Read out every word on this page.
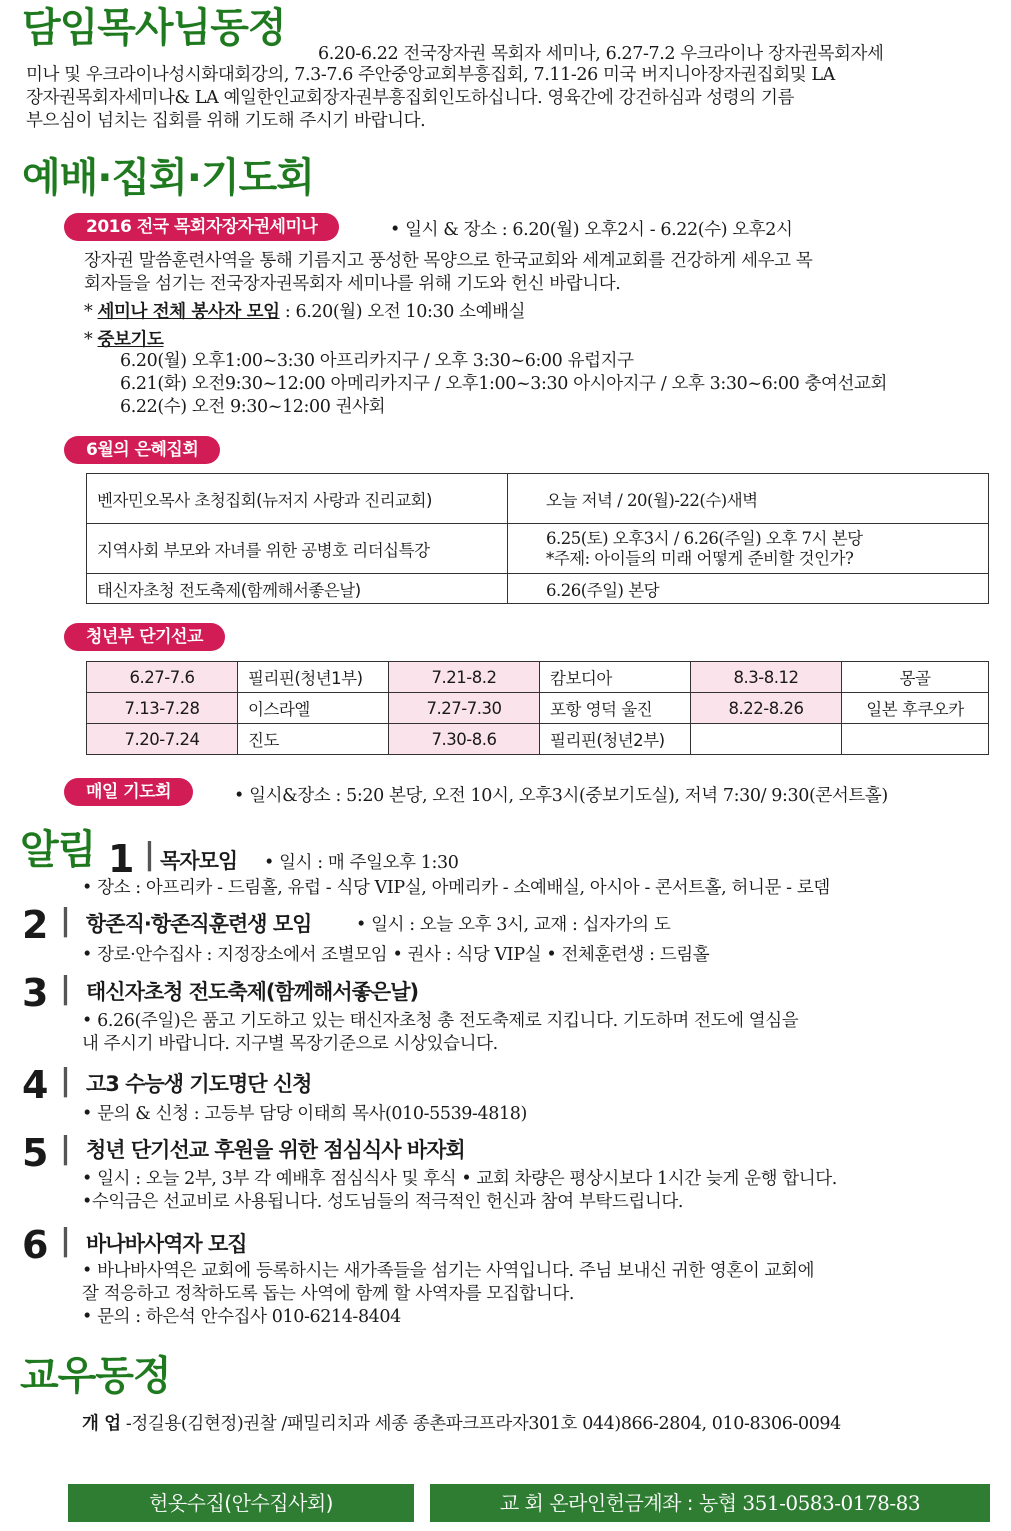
담임목사님동정
6.20-6.22 전국장자권 목회자 세미나, 6.27-7.2 우크라이나 장자권목회자세
미나 및 우크라이나성시화대회강의, 7.3-7.6 주안중앙교회부흥집회, 7.11-26 미국 버지니아장자권집회및 LA
장자권목회자세미나& LA 예일한인교회장자권부흥집회인도하십니다. 영육간에 강건하심과 성령의 기름
부으심이 넘치는 집회를 위해 기도해 주시기 바랍니다.
예배·집회·기도회
2016 전국 목회자장자권세미나	• 일시 & 장소 : 6.20(월) 오후2시 - 6.22(수) 오후2시
장자권 말씀훈련사역을 통해 기름지고 풍성한 목양으로 한국교회와 세계교회를 건강하게 세우고 목
회자들을 섬기는 전국장자권목회자 세미나를 위해 기도와 헌신 바랍니다.
* 세미나 전체 봉사자 모임 : 6.20(월) 오전 10:30 소예배실
* 중보기도
6.20(월) 오후1:00~3:30 아프리카지구 / 오후 3:30~6:00 유럽지구
6.21(화) 오전9:30~12:00 아메리카지구 / 오후1:00~3:30 아시아지구 / 오후 3:30~6:00 충여선교회
6.22(수) 오전 9:30~12:00 권사회
6월의 은혜집회
벤자민오목사 초청집회(뉴저지 사랑과 진리교회)	오늘 저녁 / 20(월)-22(수)새벽
지역사회 부모와 자녀를 위한 공병호 리더십특강	6.25(토) 오후3시 / 6.26(주일) 오후 7시 본당
*주제: 아이들의 미래 어떻게 준비할 것인가?

태신자초청 전도축제(함께해서좋은날)	6.26(주일) 본당
청년부 단기선교
6.27-7.6	필리핀(청년1부)	7.21-8.2	캄보디아	8.3-8.12	몽골
7.13-7.28	이스라엘	7.27-7.30	포항 영덕 울진	8.22-8.26	일본 후쿠오카
7.20-7.24	진도	7.30-8.6	필리핀(청년2부)		
매일 기도회	• 일시&장소 : 5:20 본당, 오전 10시, 오후3시(중보기도실), 저녁 7:30/ 9:30(콘서트홀)
알림 1 | 목자모임 • 일시 : 매 주일오후 1:30
• 장소 : 아프리카 - 드림홀, 유럽 - 식당 VIP실, 아메리카 - 소예배실, 아시아 - 콘서트홀, 허니문 - 로뎀
2 | 항존직·항존직훈련생 모임	• 일시 : 오늘 오후 3시, 교재 : 십자가의 도
• 장로·안수집사 : 지정장소에서 조별모임 • 권사 : 식당 VIP실 • 전체훈련생 : 드림홀
3 | 태신자초청 전도축제(함께해서좋은날)
• 6.26(주일)은 품고 기도하고 있는 태신자초청 총 전도축제로 지킵니다. 기도하며 전도에 열심을
내 주시기 바랍니다. 지구별 목장기준으로 시상있습니다.
4 | 고3 수능생 기도명단 신청
• 문의 & 신청 : 고등부 담당 이태희 목사(010-5539-4818)
5 | 청년 단기선교 후원을 위한 점심식사 바자회
• 일시 : 오늘 2부, 3부 각 예배후 점심식사 및 후식 • 교회 차량은 평상시보다 1시간 늦게 운행 합니다.
•수익금은 선교비로 사용됩니다. 성도님들의 적극적인 헌신과 참여 부탁드립니다.
6 | 바나바사역자 모집
• 바나바사역은 교회에 등록하시는 새가족들을 섬기는 사역입니다. 주님 보내신 귀한 영혼이 교회에
잘 적응하고 정착하도록 돕는 사역에 함께 할 사역자를 모집합니다.
• 문의 : 하은석 안수집사 010-6214-8404
교우동정
개 업 -정길용(김현정)권찰 /패밀리치과 세종 종촌파크프라자301호 044)866-2804, 010-8306-0094
헌옷수집(안수집사회)	교 회 온라인헌금계좌 : 농협 351-0583-0178-83
